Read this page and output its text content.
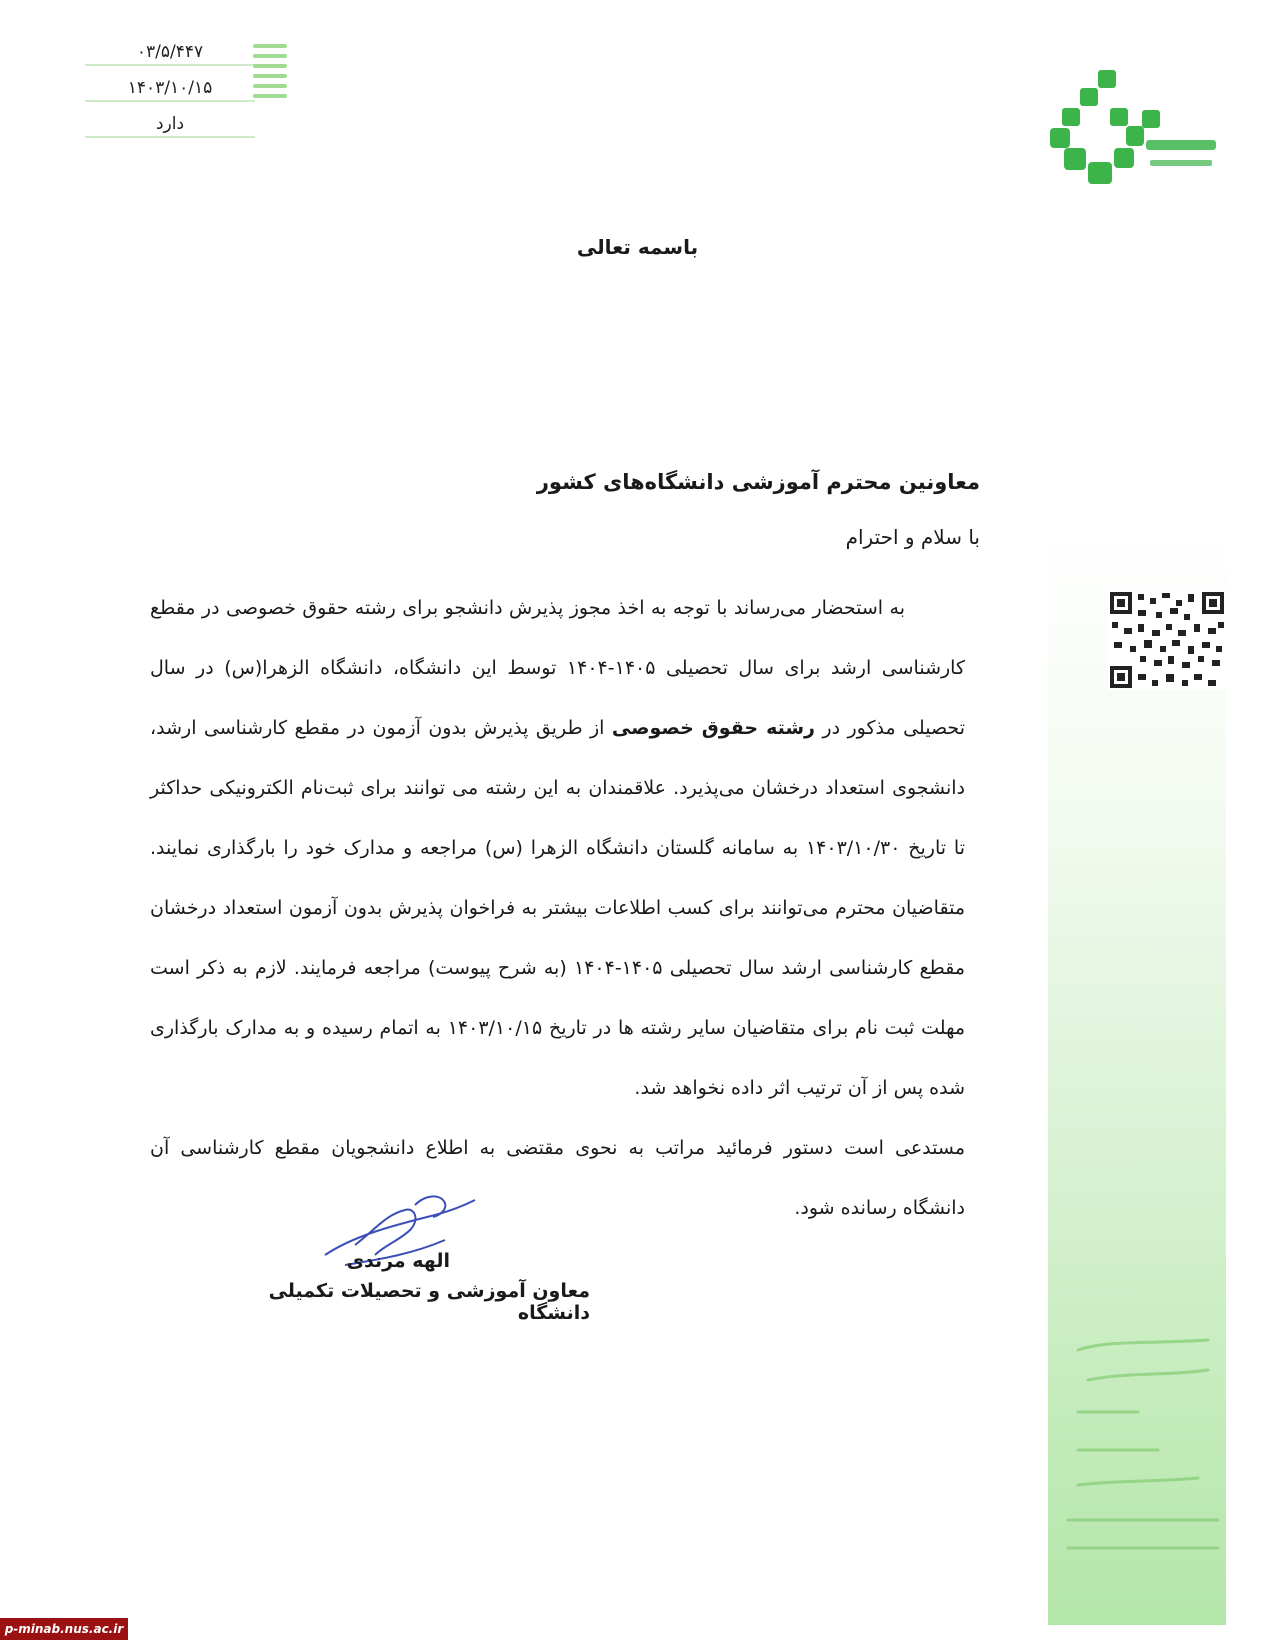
۰۳/۵/۴۴۷
۱۴۰۳/۱۰/۱۵
دارد
باسمه تعالی
معاونین محترم آموزشی دانشگاه‌های کشور
با سلام و احترام

به استحضار می‌رساند با توجه به اخذ مجوز پذیرش دانشجو برای رشته حقوق خصوصی در مقطع کارشناسی ارشد برای سال تحصیلی ۱۴۰۵-۱۴۰۴ توسط این دانشگاه، دانشگاه الزهرا(س) در سال تحصیلی مذکور در رشته حقوق خصوصی از طریق پذیرش بدون آزمون در مقطع کارشناسی ارشد، دانشجوی استعداد درخشان می‌پذیرد. علاقمندان به این رشته می توانند برای ثبت‌نام الکترونیکی حداکثر تا تاریخ ۱۴۰۳/۱۰/۳۰ به سامانه گلستان دانشگاه الزهرا (س) مراجعه و مدارک خود را بارگذاری نمایند. متقاضیان محترم می‌توانند برای کسب اطلاعات بیشتر به فراخوان پذیرش بدون آزمون استعداد درخشان مقطع کارشناسی ارشد سال تحصیلی ۱۴۰۵-۱۴۰۴ (به شرح پیوست) مراجعه فرمایند. لازم به ذکر است مهلت ثبت نام برای متقاضیان سایر رشته ها در تاریخ ۱۴۰۳/۱۰/۱۵ به اتمام رسیده و به مدارک بارگذاری شده پس از آن ترتیب اثر داده نخواهد شد.

مستدعی است دستور فرمائید مراتب به نحوی مقتضی به اطلاع دانشجویان مقطع کارشناسی آن دانشگاه رسانده شود.

الهه مرندی
معاون آموزشی و تحصیلات تکمیلی دانشگاه
p-minab.nus.ac.ir
